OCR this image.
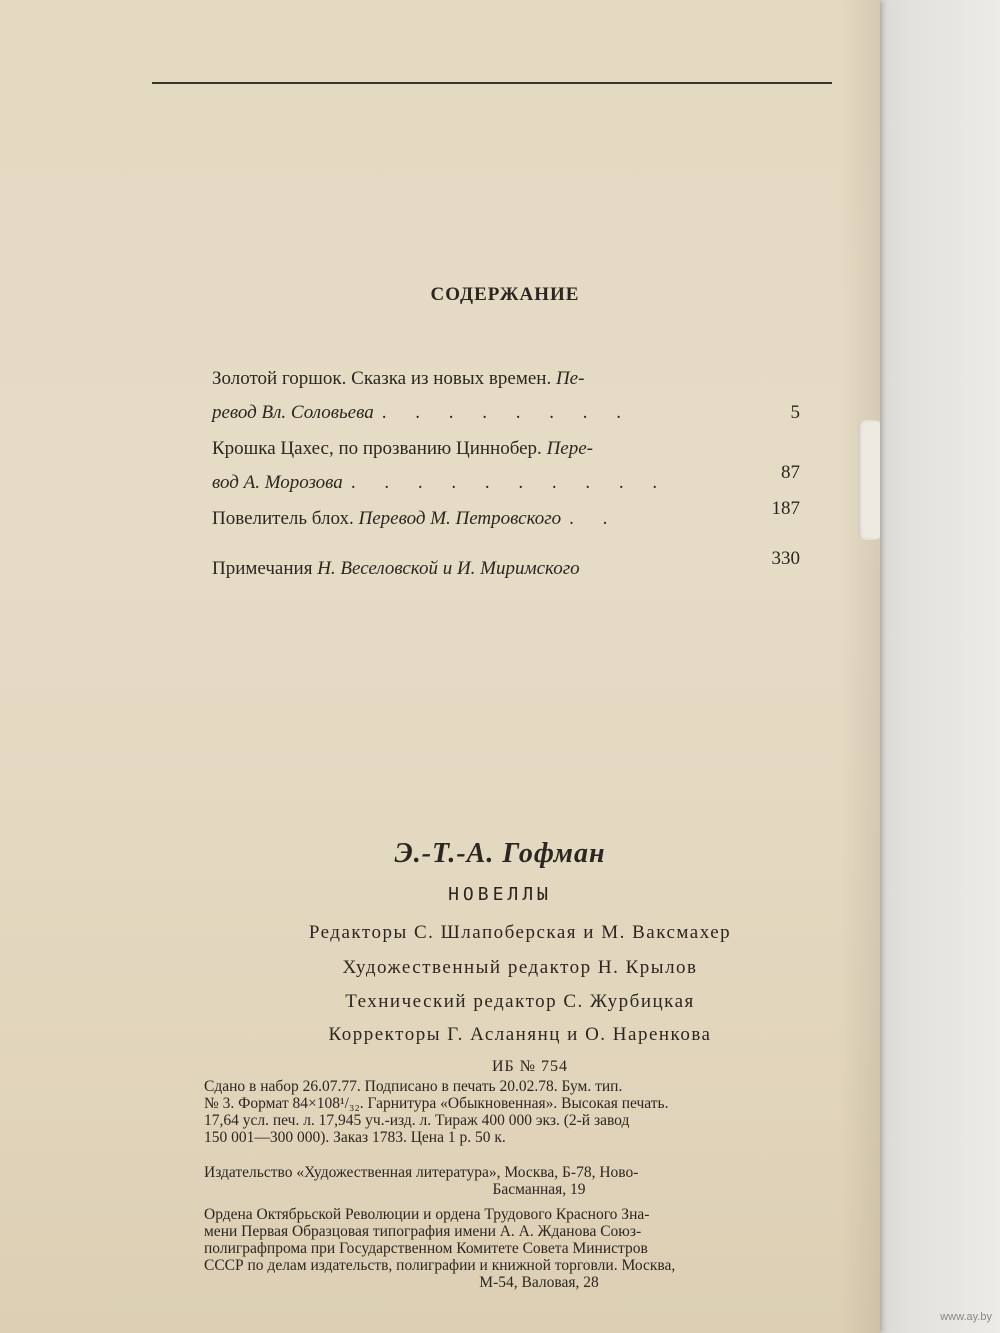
СОДЕРЖАНИЕ
Золотой горшок. Сказка из новых времен. Пе-
ревод Вл. Соловьева . . . . . . . .	5
Крошка Цахес, по прозванию Циннобер. Пере-
вод А. Морозова . . . . . . . . . .	87
Повелитель блох. Перевод М. Петровского . .	187
Примечания Н. Веселовской и И. Миримского	330
Э.-Т.-А. Гофман
НОВЕЛЛЫ
Редакторы С. Шлапоберская и М. Ваксмахер
Художественный редактор Н. Крылов
Технический редактор С. Журбицкая
Корректоры Г. Асланянц и О. Наренкова
ИБ № 754
Сдано в набор 26.07.77. Подписано в печать 20.02.78. Бум. тип.
№ 3. Формат 84×108¹/₃₂. Гарнитура «Обыкновенная». Высокая печать.
17,64 усл. печ. л. 17,945 уч.-изд. л. Тираж 400 000 экз. (2-й завод
150 001—300 000). Заказ 1783. Цена 1 р. 50 к.
Издательство «Художественная литература», Москва, Б-78, Ново-
Басманная, 19
Ордена Октябрьской Революции и ордена Трудового Красного Зна-
мени Первая Образцовая типография имени А. А. Жданова Союз-
полиграфпрома при Государственном Комитете Совета Министров
СССР по делам издательств, полиграфии и книжной торговли. Москва,
М-54, Валовая, 28
www.ay.by
